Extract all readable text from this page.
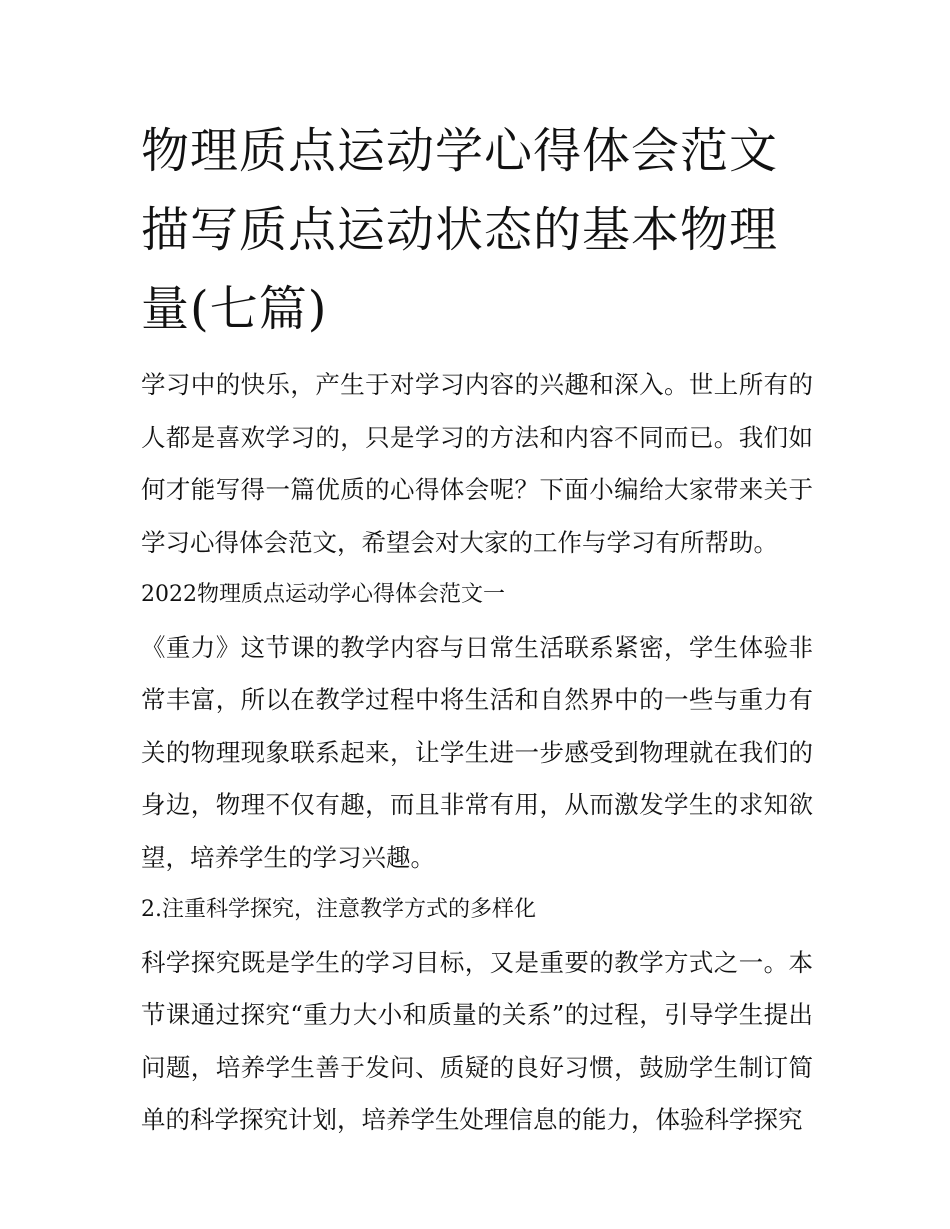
物理质点运动学心得体会范文描写质点运动状态的基本物理量(七篇)

学习中的快乐，产生于对学习内容的兴趣和深入。世上所有的人都是喜欢学习的，只是学习的方法和内容不同而已。我们如何才能写得一篇优质的心得体会呢？下面小编给大家带来关于学习心得体会范文，希望会对大家的工作与学习有所帮助。

2022物理质点运动学心得体会范文一

《重力》这节课的教学内容与日常生活联系紧密，学生体验非常丰富，所以在教学过程中将生活和自然界中的一些与重力有关的物理现象联系起来，让学生进一步感受到物理就在我们的身边，物理不仅有趣，而且非常有用，从而激发学生的求知欲望，培养学生的学习兴趣。

2.注重科学探究，注意教学方式的多样化

科学探究既是学生的学习目标，又是重要的教学方式之一。本节课通过探究“重力大小和质量的关系”的过程，引导学生提出问题，培养学生善于发问、质疑的良好习惯，鼓励学生制订简单的科学探究计划，培养学生处理信息的能力，体验科学探究
